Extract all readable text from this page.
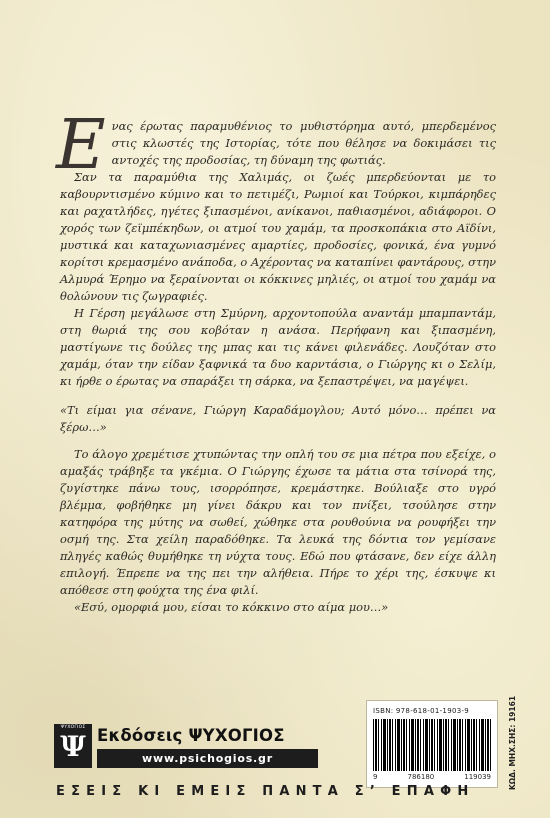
Ενας έρωτας παραμυθένιος το μυθιστόρημα αυτό, μπερδεμένος στις κλωστές της Ιστορίας, τότε που θέλησε να δοκιμάσει τις αντοχές της προδοσίας, τη δύναμη της φωτιάς.

Σαν τα παραμύθια της Χαλιμάς, οι ζωές μπερδεύονται με το καβουρντισμένο κύμινο και το πετιμέζι, Ρωμιοί και Τούρκοι, κιμπάρηδες και ραχατλήδες, ηγέτες ξιπασμένοι, ανίκανοι, παθιασμένοι, αδιάφοροι. Ο χορός των ζεϊμπέκηδων, οι ατμοί του χαμάμ, τα προσκοπάκια στο Αϊδίνι, μυστικά και καταχωνιασμένες αμαρτίες, προδοσίες, φονικά, ένα γυμνό κορίτσι κρεμασμένο ανάποδα, ο Αχέροντας να καταπίνει φαντάρους, στην Αλμυρά Έρημο να ξεραίνονται οι κόκκινες μηλιές, οι ατμοί του χαμάμ να θολώνουν τις ζωγραφιές.

Η Γέρση μεγάλωσε στη Σμύρνη, αρχοντοπούλα αναντάμ μπαμπαντάμ, στη θωριά της σου κοβόταν η ανάσα. Περήφανη και ξιπασμένη, μαστίγωνε τις δούλες της μπας και τις κάνει φιλενάδες. Λουζόταν στο χαμάμ, όταν την είδαν ξαφνικά τα δυο καρντάσια, ο Γιώργης κι ο Σελίμ, κι ήρθε ο έρωτας να σπαράξει τη σάρκα, να ξεπαστρέψει, να μαγέψει.

«Τι είμαι για σένανε, Γιώργη Καραδάμογλου; Αυτό μόνο… πρέπει να ξέρω…»

Το άλογο χρεμέτισε χτυπώντας την οπλή του σε μια πέτρα που εξείχε, ο αμαξάς τράβηξε τα γκέμια. Ο Γιώργης έχωσε τα μάτια στα τσίνορά της, ζυγίστηκε πάνω τους, ισορρόπησε, κρεμάστηκε. Βούλιαξε στο υγρό βλέμμα, φοβήθηκε μη γίνει δάκρυ και τον πνίξει, τσούλησε στην κατηφόρα της μύτης να σωθεί, χώθηκε στα ρουθούνια να ρουφήξει την οσμή της. Στα χείλη παραδόθηκε. Τα λευκά της δόντια τον γεμίσανε πληγές καθώς θυμήθηκε τη νύχτα τους. Εδώ που φτάσανε, δεν είχε άλλη επιλογή. Έπρεπε να της πει την αλήθεια. Πήρε το χέρι της, έσκυψε κι απόθεσε στη φούχτα της ένα φιλί.

«Εσύ, ομορφιά μου, είσαι το κόκκινο στο αίμα μου…»

ISBN: 978-618-01-1903-9
9	786180	119039 ΚΩΔ. ΜΗΧ.ΣΗΣ: 19161
ΨΥΧΟΓΙΟΣ
Ψ Εκδόσεις ΨΥΧΟΓΙΟΣ
www.psichogios.gr
ΕΣΕΙΣ ΚΙ ΕΜΕΙΣ ΠΑΝΤΑ Σ’ ΕΠΑΦΗ
